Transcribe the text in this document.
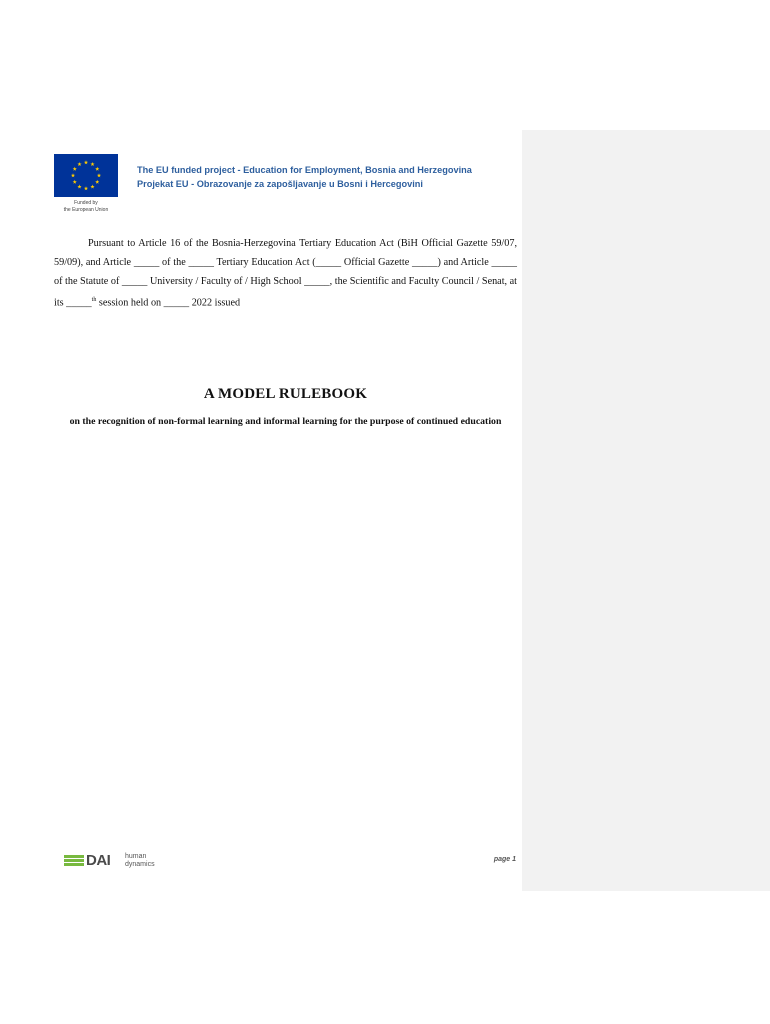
Funded by
the European Union
The EU funded project - Education for Employment, Bosnia and Herzegovina
Projekat EU - Obrazovanje za zapošljavanje u Bosni i Hercegovini

Pursuant to Article 16 of the Bosnia-Herzegovina Tertiary Education Act (BiH Official Gazette 59/07, 59/09), and Article _____ of the _____ Tertiary Education Act (_____ Official Gazette _____) and Article _____ of the Statute of _____ University / Faculty of / High School _____, the Scientific and Faculty Council / Senat, at its _____$^{th}$ session held on _____ 2022 issued

A MODEL RULEBOOK
on the recognition of non-formal learning and informal learning for the purpose of continued education
DAI human
dynamics
page 1
